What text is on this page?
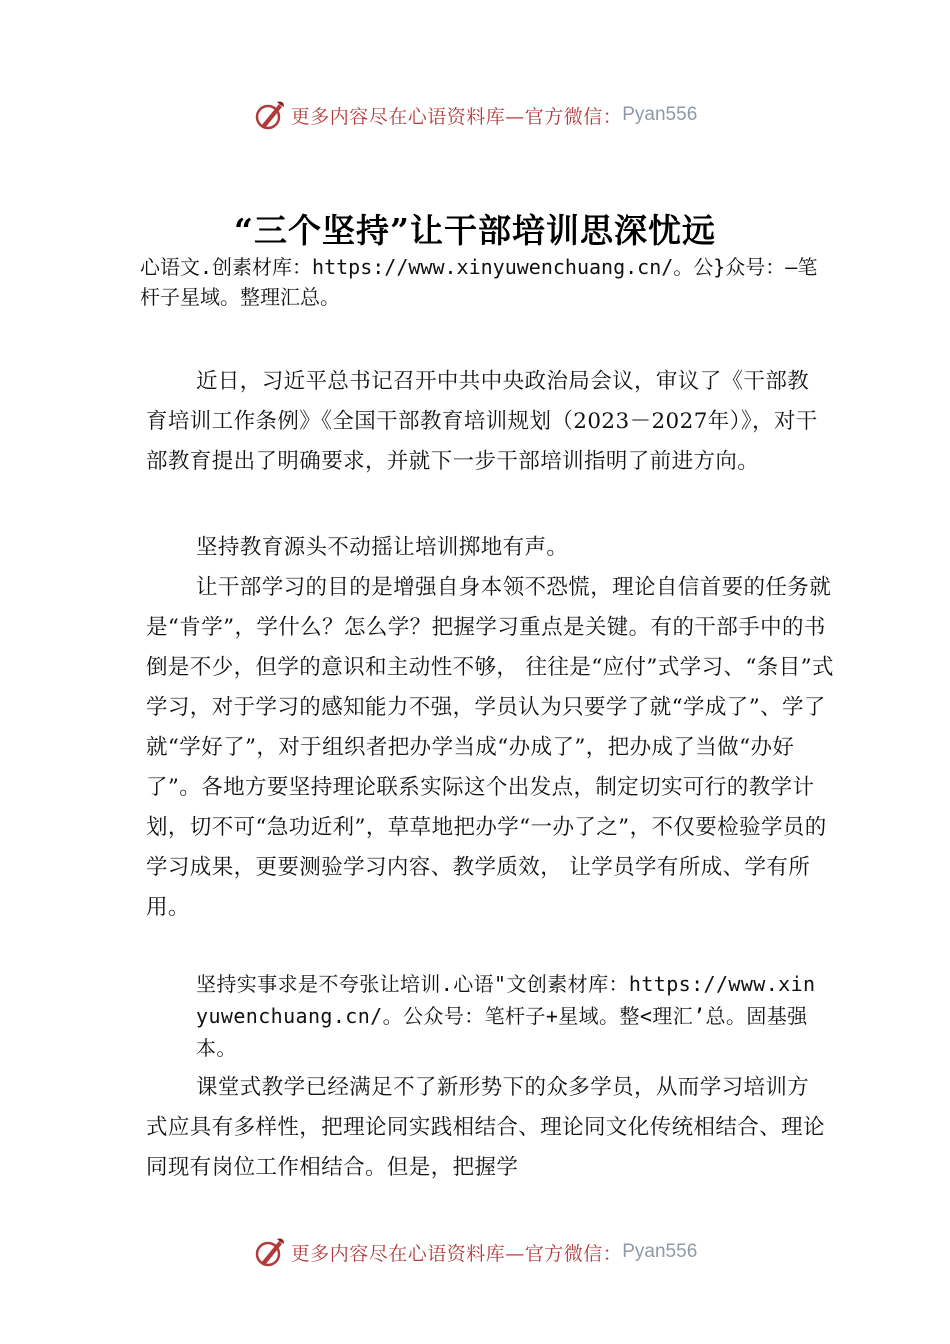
更多内容尽在心语资料库—官方微信： Pyan556
“三个坚持”让干部培训思深忧远
心语文.创素材库：https://www.xinyuwenchuang.cn/。公}众号：—笔杆子星域。整理汇总。

近日，习近平总书记召开中共中央政治局会议，审议了《干部教育培训工作条例》《全国干部教育培训规划（2023－2027年）》，对干部教育提出了明确要求，并就下一步干部培训指明了前进方向。

坚持教育源头不动摇让培训掷地有声。

让干部学习的目的是增强自身本领不恐慌，理论自信首要的任务就是“肯学”，学什么？怎么学？把握学习重点是关键。有的干部手中的书倒是不少，但学的意识和主动性不够， 往往是“应付”式学习、“条目”式学习，对于学习的感知能力不强，学员认为只要学了就“学成了”、学了就“学好了”，对于组织者把办学当成“办成了”，把办成了当做“办好了”。各地方要坚持理论联系实际这个出发点，制定切实可行的教学计划，切不可“急功近利”，草草地把办学“一办了之”，不仅要检验学员的学习成果，更要测验学习内容、教学质效， 让学员学有所成、学有所用。

坚持实事求是不夸张让培训.心语"文创素材库：https://www.xinyuwenchuang.cn/。公众号：笔杆子+星域。整<理汇’总。固基强本。

课堂式教学已经满足不了新形势下的众多学员，从而学习培训方式应具有多样性，把理论同实践相结合、理论同文化传统相结合、理论同现有岗位工作相结合。但是，把握学

更多内容尽在心语资料库—官方微信： Pyan556
